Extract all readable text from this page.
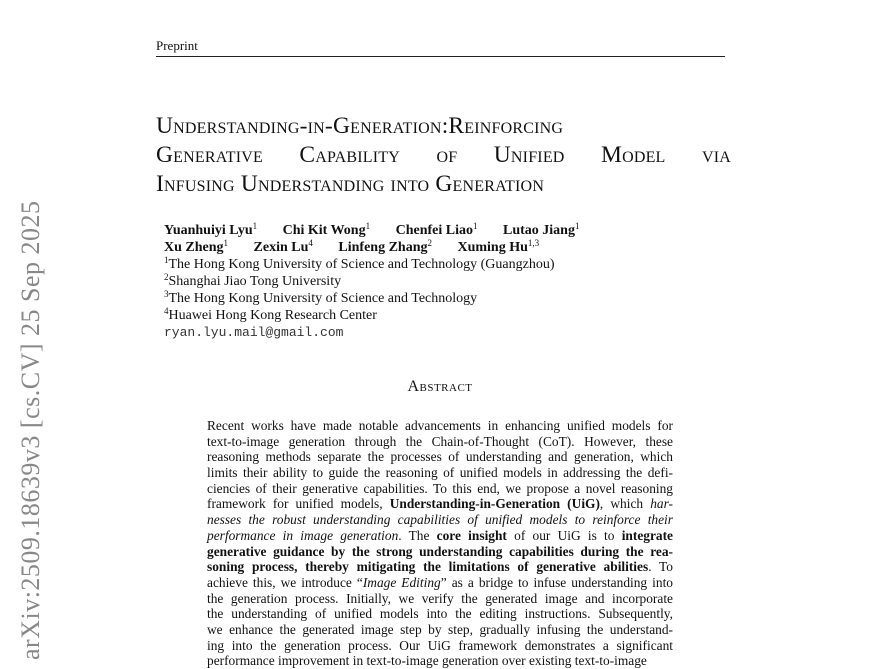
Preprint
Understanding-in-Generation:Reinforcing
Generative Capability of Unified Model via
Infusing Understanding into Generation
Yuanhuiyi Lyu$^1$ Chi Kit Wong$^1$ Chenfei Liao$^1$ Lutao Jiang$^1$
Xu Zheng$^1$ Zexin Lu$^4$ Linfeng Zhang$^2$ Xuming Hu$^{1,3}$
$^1$The Hong Kong University of Science and Technology (Guangzhou)
$^2$Shanghai Jiao Tong University
$^3$The Hong Kong University of Science and Technology
$^4$Huawei Hong Kong Research Center
ryan.lyu.mail@gmail.com
Abstract
Recent works have made notable advancements in enhancing unified models for
text-to-image generation through the Chain-of-Thought (CoT). However, these
reasoning methods separate the processes of understanding and generation, which
limits their ability to guide the reasoning of unified models in addressing the defi-
ciencies of their generative capabilities. To this end, we propose a novel reasoning
framework for unified models, Understanding-in-Generation (UiG), which har-
nesses the robust understanding capabilities of unified models to reinforce their
performance in image generation. The core insight of our UiG is to integrate
generative guidance by the strong understanding capabilities during the rea-
soning process, thereby mitigating the limitations of generative abilities. To
achieve this, we introduce “Image Editing” as a bridge to infuse understanding into
the generation process. Initially, we verify the generated image and incorporate
the understanding of unified models into the editing instructions. Subsequently,
we enhance the generated image step by step, gradually infusing the understand-
ing into the generation process. Our UiG framework demonstrates a significant
performance improvement in text-to-image generation over existing text-to-image
arXiv:2509.18639v3 [cs.CV] 25 Sep 2025
